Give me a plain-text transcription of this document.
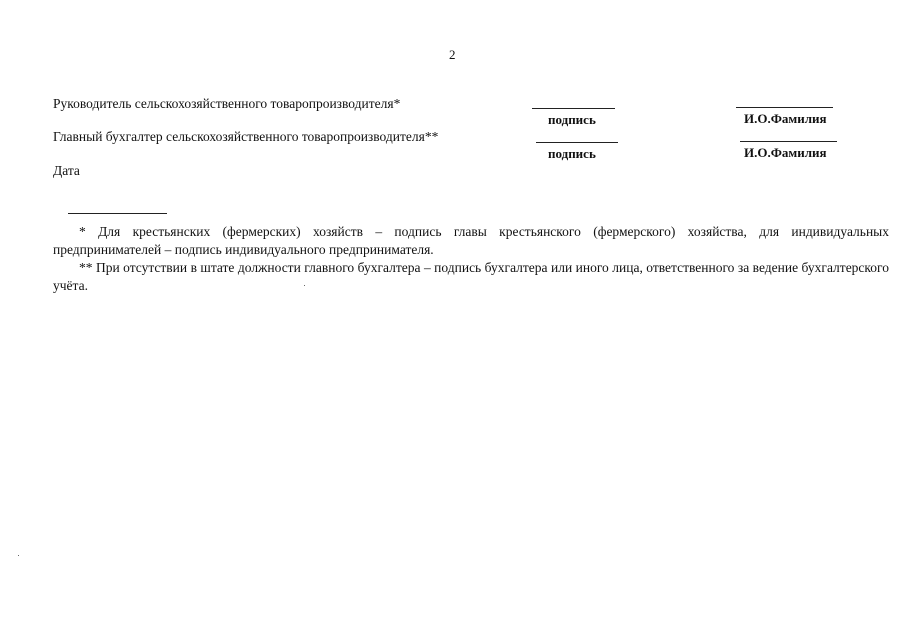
2
Руководитель сельскохозяйственного товаропроизводителя*
подпись	И.О.Фамилия
Главный бухгалтер сельскохозяйственного товаропроизводителя**
подпись	И.О.Фамилия
Дата

* Для крестьянских (фермерских) хозяйств – подпись главы крестьянского (фермерского) хозяйства, для индивидуальных предпринимателей – подпись индивидуального предпринимателя.

** При отсутствии в штате должности главного бухгалтера – подпись бухгалтера или иного лица, ответственного за ведение бухгалтерского учёта.
